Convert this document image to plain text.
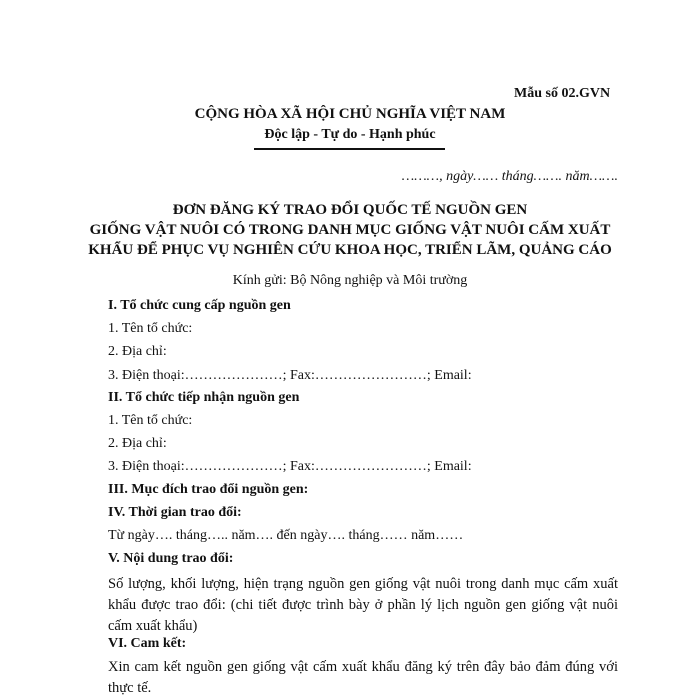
Mẫu số 02.GVN
CỘNG HÒA XÃ HỘI CHỦ NGHĨA VIỆT NAM
Độc lập - Tự do - Hạnh phúc
………, ngày…… tháng……. năm…….
ĐƠN ĐĂNG KÝ TRAO ĐỔI QUỐC TẾ NGUỒN GEN
GIỐNG VẬT NUÔI CÓ TRONG DANH MỤC GIỐNG VẬT NUÔI CẤM XUẤT
KHẨU ĐỂ PHỤC VỤ NGHIÊN CỨU KHOA HỌC, TRIỂN LÃM, QUẢNG CÁO
Kính gửi: Bộ Nông nghiệp và Môi trường
I. Tổ chức cung cấp nguồn gen
1. Tên tổ chức:
2. Địa chỉ:
3. Điện thoại:…………………; Fax:……………………; Email:
II. Tổ chức tiếp nhận nguồn gen
1. Tên tổ chức:
2. Địa chỉ:
3. Điện thoại:…………………; Fax:……………………; Email:
III. Mục đích trao đổi nguồn gen:
IV. Thời gian trao đổi:
Từ ngày…. tháng….. năm…. đến ngày…. tháng…… năm……
V. Nội dung trao đổi:
Số lượng, khối lượng, hiện trạng nguồn gen giống vật nuôi trong danh mục cấm xuất khẩu được trao đổi: (chi tiết được trình bày ở phần lý lịch nguồn gen giống vật nuôi cấm xuất khẩu)
VI. Cam kết:
Xin cam kết nguồn gen giống vật cấm xuất khẩu đăng ký trên đây bảo đảm đúng với thực tế.
